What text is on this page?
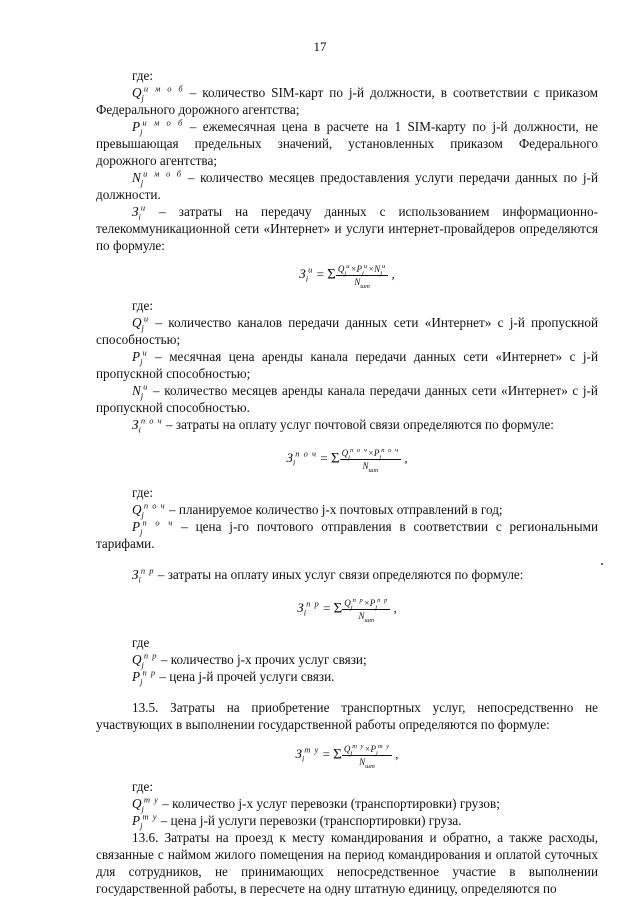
17

где:

$Q_j^{и м о б}$ – количество SIM-карт по j-й должности, в соответствии с приказом Федерального дорожного агентства;

$P_j^{и м о б}$ – ежемесячная цена в расчете на 1 SIM-карту по j-й должности, не превышающая предельных значений, установленных приказом Федерального дорожного агентства;

$N_j^{и м о б}$ – количество месяцев предоставления услуги передачи данных по j-й должности.

$З_i^и$ – затраты на передачу данных с использованием информационно-телекоммуникационной сети «Интернет» и услуги интернет-провайдеров определяются по формуле:

$З_i^и = \Sigma \frac{Q_j^и\times P_j^и\times N_j^и}{N_{шт}}$ ,

где:

$Q_j^и$ – количество каналов передачи данных сети «Интернет» с j-й пропускной способностью;

$P_j^и$ – месячная цена аренды канала передачи данных сети «Интернет» с j-й пропускной способностью;

$N_j^и$ – количество месяцев аренды канала передачи данных сети «Интернет» с j-й пропускной способностью.

$З_i^{п о ч}$ – затраты на оплату услуг почтовой связи определяются по формуле:

$З_i^{п о ч} = \Sigma \frac{Q_j^{п о ч}\times P_j^{п о ч}}{N_{шт}}$ ,

где:

$Q_j^{п о ч}$ – планируемое количество j-х почтовых отправлений в год;

$P_j^{п о ч}$ – цена j-го почтового отправления в соответствии с региональными тарифами.

$З_i^{п р}$ – затраты на оплату иных услуг связи определяются по формуле:

$З_i^{п р} = \Sigma \frac{Q_j^{п р}\times P_j^{п р}}{N_{шт}}$ ,

где

$Q_j^{п р}$ – количество j-х прочих услуг связи;

$P_j^{п р}$ – цена j-й прочей услуги связи.

13.5. Затраты на приобретение транспортных услуг, непосредственно не участвующих в выполнении государственной работы определяются по формуле:

$З_i^{т у} = \Sigma \frac{Q_j^{т у}\times P_j^{т у}}{N_{шт}}$ ,

где:

$Q_j^{т у}$ – количество j-х услуг перевозки (транспортировки) грузов;

$P_j^{т у}$ – цена j-й услуги перевозки (транспортировки) груза.

13.6. Затраты на проезд к месту командирования и обратно, а также расходы, связанные с наймом жилого помещения на период командирования и оплатой суточных для сотрудников, не принимающих непосредственное участие в выполнении государственной работы, в пересчете на одну штатную единицу, определяются по
